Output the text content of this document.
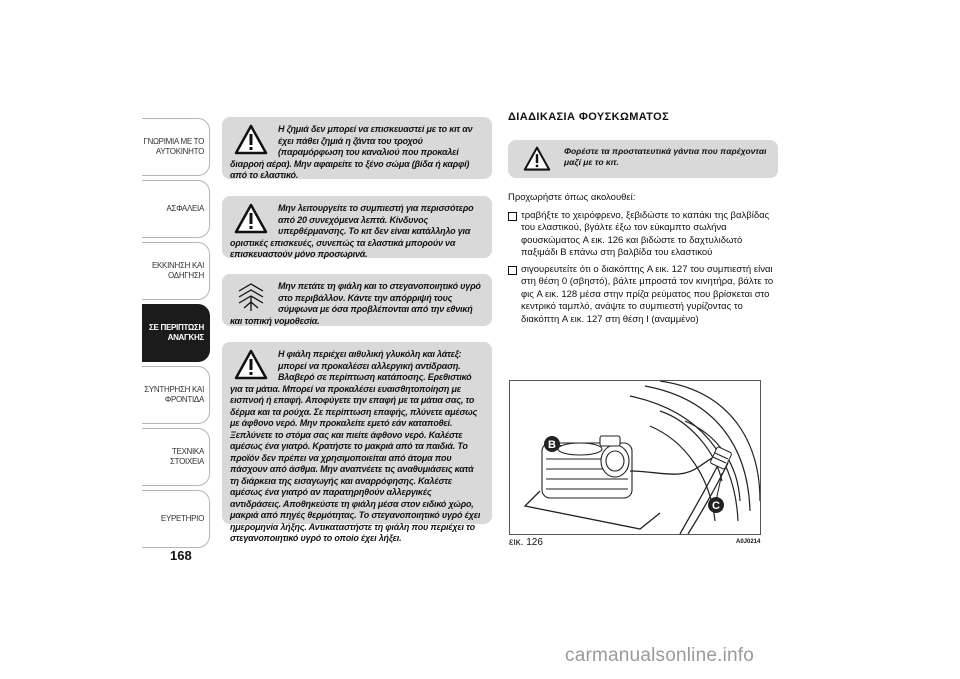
ΓΝΩΡΙΜΙΑ ΜΕ ΤΟ
ΑΥΤΟΚΙΝΗΤΟ
ΑΣΦΑΛΕΙΑ
ΕΚΚΙΝΗΣΗ ΚΑΙ
ΟΔΗΓΗΣΗ
ΣΕ ΠΕΡΙΠΤΩΣΗ
ΑΝΑΓΚΗΣ
ΣΥΝΤΗΡΗΣΗ ΚΑΙ
ΦΡΟΝΤΙΔΑ
ΤΕΧΝΙΚΑ ΣΤΟΙΧΕΙΑ
ΕΥΡΕΤΗΡΙΟ
168

Η ζημιά δεν μπορεί να επισκευαστεί με το κιτ αν έχει πάθει ζημιά η ζάντα του τροχού (παραμόρφωση του καναλιού που προκαλεί διαρροή αέρα). Μην αφαιρείτε το ξένο σώμα (βίδα ή καρφί) από το ελαστικό.

Μην λειτουργείτε το συμπιεστή για περισσότερο από 20 συνεχόμενα λεπτά. Κίνδυνος υπερθέρμανσης. Το κιτ δεν είναι κατάλληλο για οριστικές επισκευές, συνεπώς τα ελαστικά μπορούν να επισκευαστούν μόνο προσωρινά.

Μην πετάτε τη φιάλη και το στεγανοποιητικό υγρό στο περιβάλλον. Κάντε την απόρριψή τους σύμφωνα με όσα προβλέπονται από την εθνική και τοπική νομοθεσία.

Η φιάλη περιέχει αιθυλική γλυκόλη και λάτεξ: μπορεί να προκαλέσει αλλεργική αντίδραση. Βλαβερό σε περίπτωση κατάποσης. Ερεθιστικό για τα μάτια. Μπορεί να προκαλέσει ευαισθητοποίηση με εισπνοή ή επαφή. Αποφύγετε την επαφή με τα μάτια σας, το δέρμα και τα ρούχα. Σε περίπτωση επαφής, πλύνετε αμέσως με άφθονο νερό. Μην προκαλείτε εμετό εάν καταποθεί. Ξεπλύνετε το στόμα σας και πιείτε άφθονο νερό. Καλέστε αμέσως ένα γιατρό. Κρατήστε το μακριά από τα παιδιά. Το προϊόν δεν πρέπει να χρησιμοποιείται από άτομα που πάσχουν από άσθμα. Μην αναπνέετε τις αναθυμιάσεις κατά τη διάρκεια της εισαγωγής και αναρρόφησης. Καλέστε αμέσως ένα γιατρό αν παρατηρηθούν αλλεργικές αντιδράσεις. Αποθηκεύστε τη φιάλη μέσα στον ειδικό χώρο, μακριά από πηγές θερμότητας. Το στεγανοποιητικό υγρό έχει ημερομηνία λήξης. Αντικαταστήστε τη φιάλη που περιέχει το στεγανοποιητικό υγρό το οποίο έχει λήξει.

ΔΙΑΔΙΚΑΣΙΑ ΦΟΥΣΚΩΜΑΤΟΣ

Φορέστε τα προστατευτικά γάντια που παρέχονται μαζί με το κιτ.

Προχωρήστε όπως ακολουθεί:

τραβήξτε το χειρόφρενο, ξεβιδώστε το καπάκι της βαλβίδας του ελαστικού, βγάλτε έξω τον εύκαμπτο σωλήνα φουσκώματος A εικ. 126 και βιδώστε το δαχτυλιδωτό παξιμάδι B επάνω στη βαλβίδα του ελαστικού
σιγουρευτείτε ότι ο διακόπτης A εικ. 127 του συμπιεστή είναι στη θέση 0 (σβηστό), βάλτε μπροστά τον κινητήρα, βάλτε το φις A εικ. 128 μέσα στην πρίζα ρεύματος που βρίσκεται στο κεντρικό ταμπλό, ανάψτε το συμπιεστή γυρίζοντας το διακόπτη A εικ. 127 στη θέση I (αναμμένο)
B
C
εικ. 126	A0J0214
carmanualsonline.info
